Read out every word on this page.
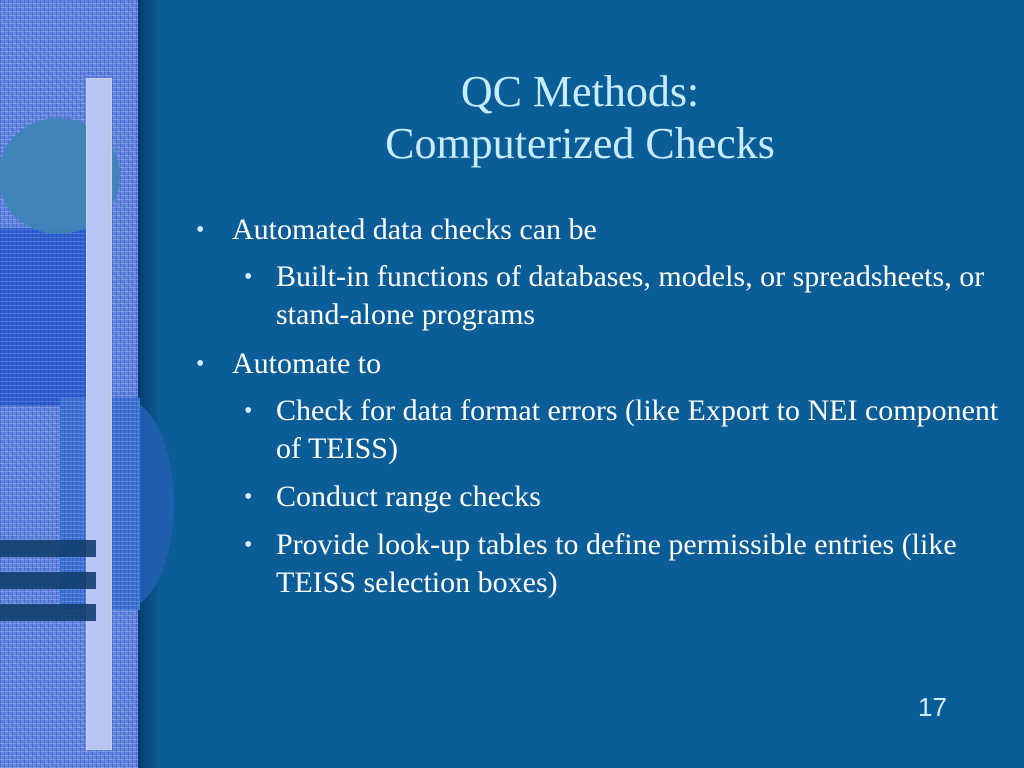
QC Methods:
Computerized Checks
• Automated data checks can be
• Built-in functions of databases, models, or spreadsheets, or stand-alone programs
• Automate to
• Check for data format errors (like Export to NEI component of TEISS)
• Conduct range checks
• Provide look-up tables to define permissible entries (like TEISS selection boxes)
17
